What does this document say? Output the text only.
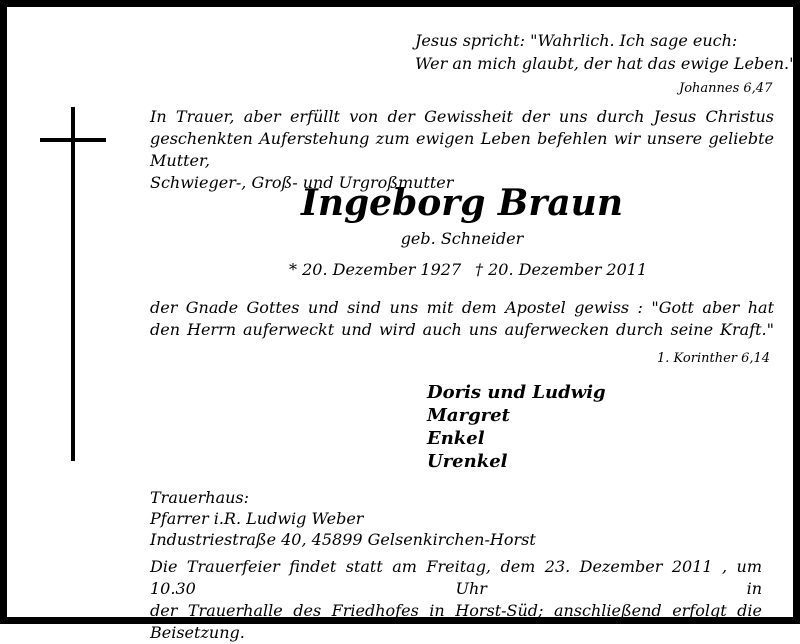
Jesus spricht: "Wahrlich. Ich sage euch:
Wer an mich glaubt, der hat das ewige Leben."
Johannes 6,47
In Trauer, aber erfüllt von der Gewissheit der uns durch Jesus Christus
geschenkten Auferstehung zum ewigen Leben befehlen wir unsere geliebte Mutter,
Schwieger-, Groß- und Urgroßmutter
Ingeborg Braun
geb. Schneider
* 20. Dezember 1927 † 20. Dezember 2011
der Gnade Gottes und sind uns mit dem Apostel gewiss : "Gott aber hat
den Herrn auferweckt und wird auch uns auferwecken durch seine Kraft."
1. Korinther 6,14
Doris und Ludwig
Margret
Enkel
Urenkel
Trauerhaus:
Pfarrer i.R. Ludwig Weber
Industriestraße 40, 45899 Gelsenkirchen-Horst
Die Trauerfeier findet statt am Freitag, dem 23. Dezember 2011 , um 10.30 Uhr in
der Trauerhalle des Friedhofes in Horst-Süd; anschließend erfolgt die Beisetzung.
